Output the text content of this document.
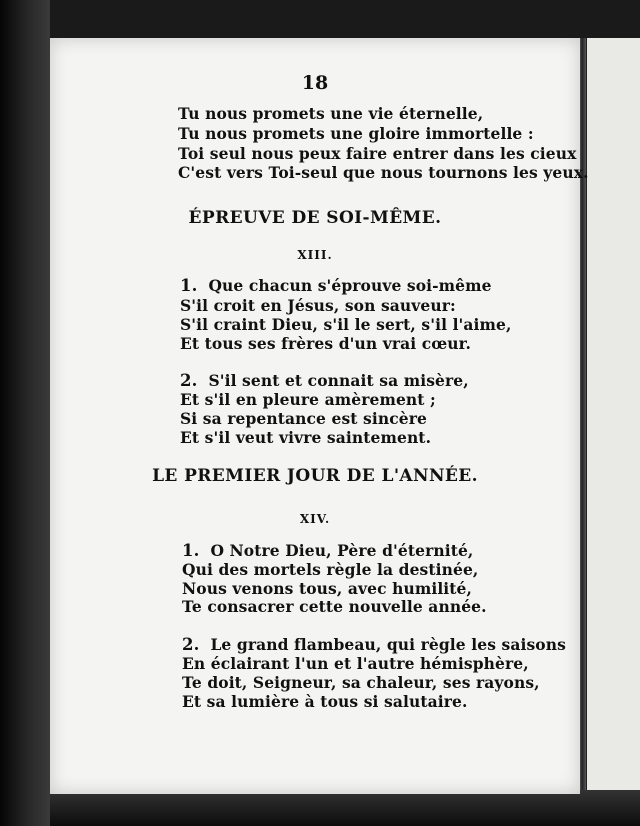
18
Tu nous promets une vie éternelle,
Tu nous promets une gloire immortelle :
Toi seul nous peux faire entrer dans les cieux
C'est vers Toi-seul que nous tournons les yeux.
ÉPREUVE DE SOI-MÊME.
XIII.
1. Que chacun s'éprouve soi-même
S'il croit en Jésus, son sauveur:
S'il craint Dieu, s'il le sert, s'il l'aime,
Et tous ses frères d'un vrai cœur.
2. S'il sent et connait sa misère,
Et s'il en pleure amèrement ;
Si sa repentance est sincère
Et s'il veut vivre saintement.
LE PREMIER JOUR DE L'ANNÉE.
XIV.
1. O Notre Dieu, Père d'éternité,
Qui des mortels règle la destinée,
Nous venons tous, avec humilité,
Te consacrer cette nouvelle année.
2. Le grand flambeau, qui règle les saisons
En éclairant l'un et l'autre hémisphère,
Te doit, Seigneur, sa chaleur, ses rayons,
Et sa lumière à tous si salutaire.
